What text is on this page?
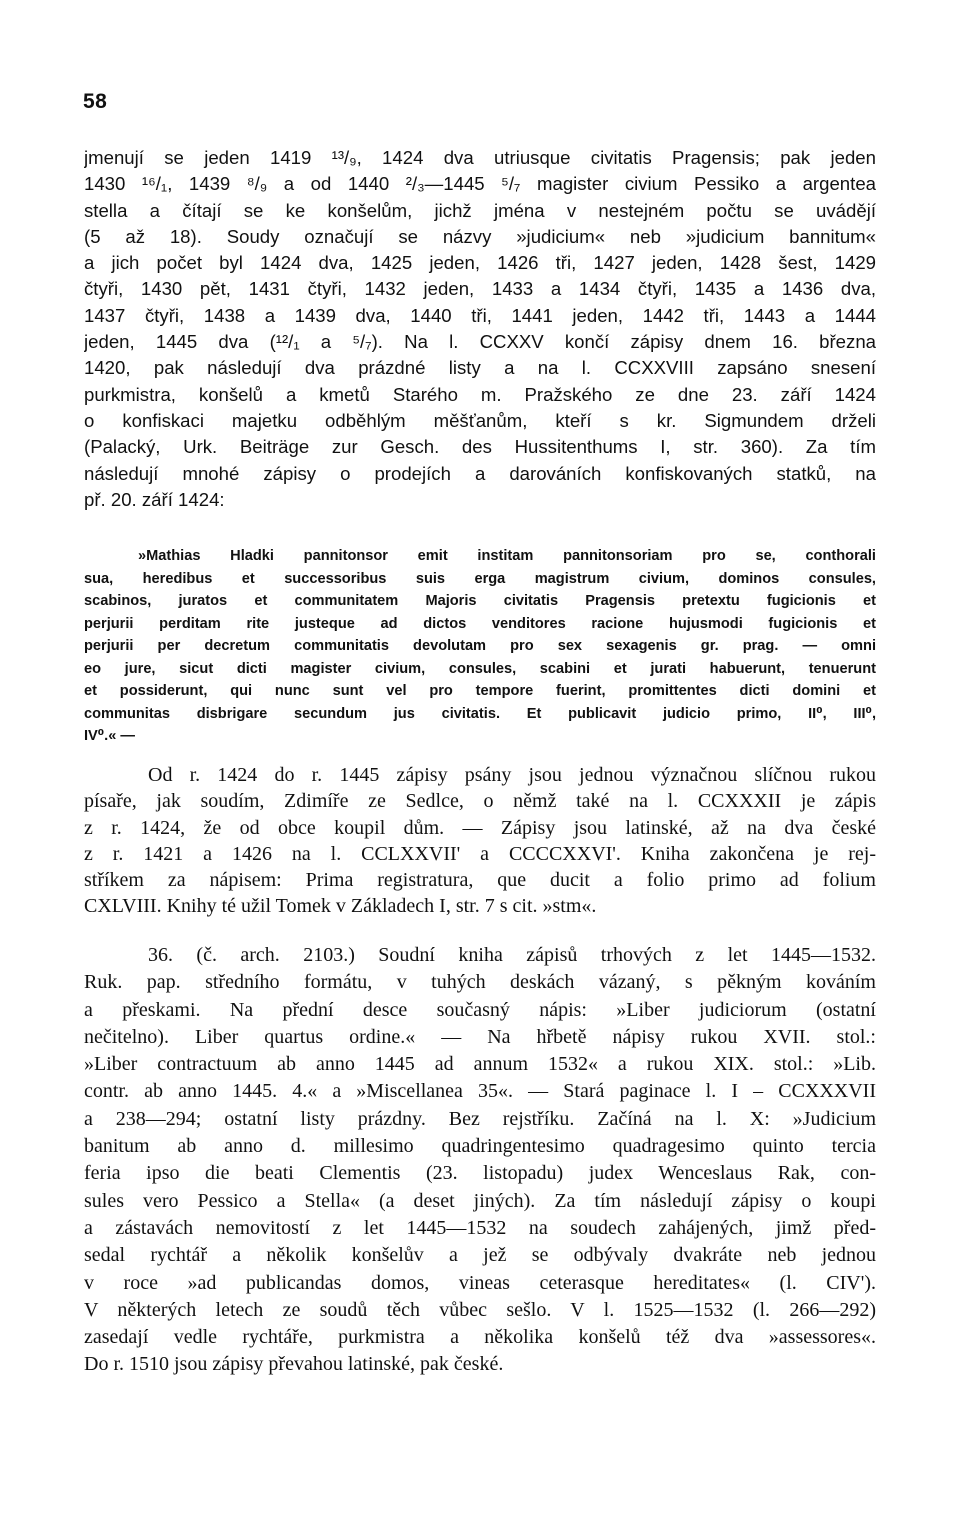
58
jmenují se jeden 1419 ¹³/₉, 1424 dva utriusque civitatis Pragensis; pak jeden
1430 ¹⁶/₁, 1439 ⁸/₉ a od 1440 ²/₃—1445 ⁵/₇ magister civium Pessiko a argentea
stella a čítají se ke konšelům, jichž jména v nestejném počtu se uvádějí
(5 až 18). Soudy označují se názvy »judicium« neb »judicium bannitum«
a jich počet byl 1424 dva, 1425 jeden, 1426 tři, 1427 jeden, 1428 šest, 1429
čtyři, 1430 pět, 1431 čtyři, 1432 jeden, 1433 a 1434 čtyři, 1435 a 1436 dva,
1437 čtyři, 1438 a 1439 dva, 1440 tři, 1441 jeden, 1442 tři, 1443 a 1444
jeden, 1445 dva (¹²/₁ a ⁵/₇). Na l. CCXXV končí zápisy dnem 16. března
1420, pak následují dva prázdné listy a na l. CCXXVIII zapsáno snesení
purkmistra, konšelů a kmetů Starého m. Pražského ze dne 23. září 1424
o konfiskaci majetku odběhlým měšťanům, kteří s kr. Sigmundem drželi
(Palacký, Urk. Beiträge zur Gesch. des Hussitenthums I, str. 360). Za tím
následují mnohé zápisy o prodejích a darováních konfiskovaných statků, na
př. 20. září 1424:
»Mathias Hladki pannitonsor emit institam pannitonsoriam pro se, conthorali
sua, heredibus et successoribus suis erga magistrum civium, dominos consules,
scabinos, juratos et communitatem Majoris civitatis Pragensis pretextu fugicionis et
perjurii perditam rite justeque ad dictos venditores racione hujusmodi fugicionis et
perjurii per decretum communitatis devolutam pro sex sexagenis gr. prag. — omni
eo jure, sicut dicti magister civium, consules, scabini et jurati habuerunt, tenuerunt
et possiderunt, qui nunc sunt vel pro tempore fuerint, promittentes dicti domini et
communitas disbrigare secundum jus civitatis. Et publicavit judicio primo, II⁰, III⁰,
IV⁰.« —
Od r. 1424 do r. 1445 zápisy psány jsou jednou význačnou slíčnou rukou
písaře, jak soudím, Zdimíře ze Sedlce, o němž také na l. CCXXXII je zápis
z r. 1424, že od obce koupil dům. — Zápisy jsou latinské, až na dva české
z r. 1421 a 1426 na l. CCLXXVII' a CCCCXXVI'. Kniha zakončena je rej-
stříkem za nápisem: Prima registratura, que ducit a folio primo ad folium
CXLVIII. Knihy té užil Tomek v Základech I, str. 7 s cit. »stm«.
36. (č. arch. 2103.) Soudní kniha zápisů trhových z let 1445—1532.
Ruk. pap. středního formátu, v tuhých deskách vázaný, s pěkným kováním
a přeskami. Na přední desce současný nápis: »Liber judiciorum (ostatní
nečitelno). Liber quartus ordine.« — Na hřbetě nápisy rukou XVII. stol.:
»Liber contractuum ab anno 1445 ad annum 1532« a rukou XIX. stol.: »Lib.
contr. ab anno 1445. 4.« a »Miscellanea 35«. — Stará paginace l. I – CCXXXVII
a 238—294; ostatní listy prázdny. Bez rejstříku. Začíná na l. X: »Judicium
banitum ab anno d. millesimo quadringentesimo quadragesimo quinto tercia
feria ipso die beati Clementis (23. listopadu) judex Wenceslaus Rak, con-
sules vero Pessico a Stella« (a deset jiných). Za tím následují zápisy o koupi
a zástavách nemovitostí z let 1445—1532 na soudech zahájených, jimž před-
sedal rychtář a několik konšelův a jež se odbývaly dvakráte neb jednou
v roce »ad publicandas domos, vineas ceterasque hereditates« (l. CIV').
V některých letech ze soudů těch vůbec sešlo. V l. 1525—1532 (l. 266—292)
zasedají vedle rychtáře, purkmistra a několika konšelů též dva »assessores«.
Do r. 1510 jsou zápisy převahou latinské, pak české.
